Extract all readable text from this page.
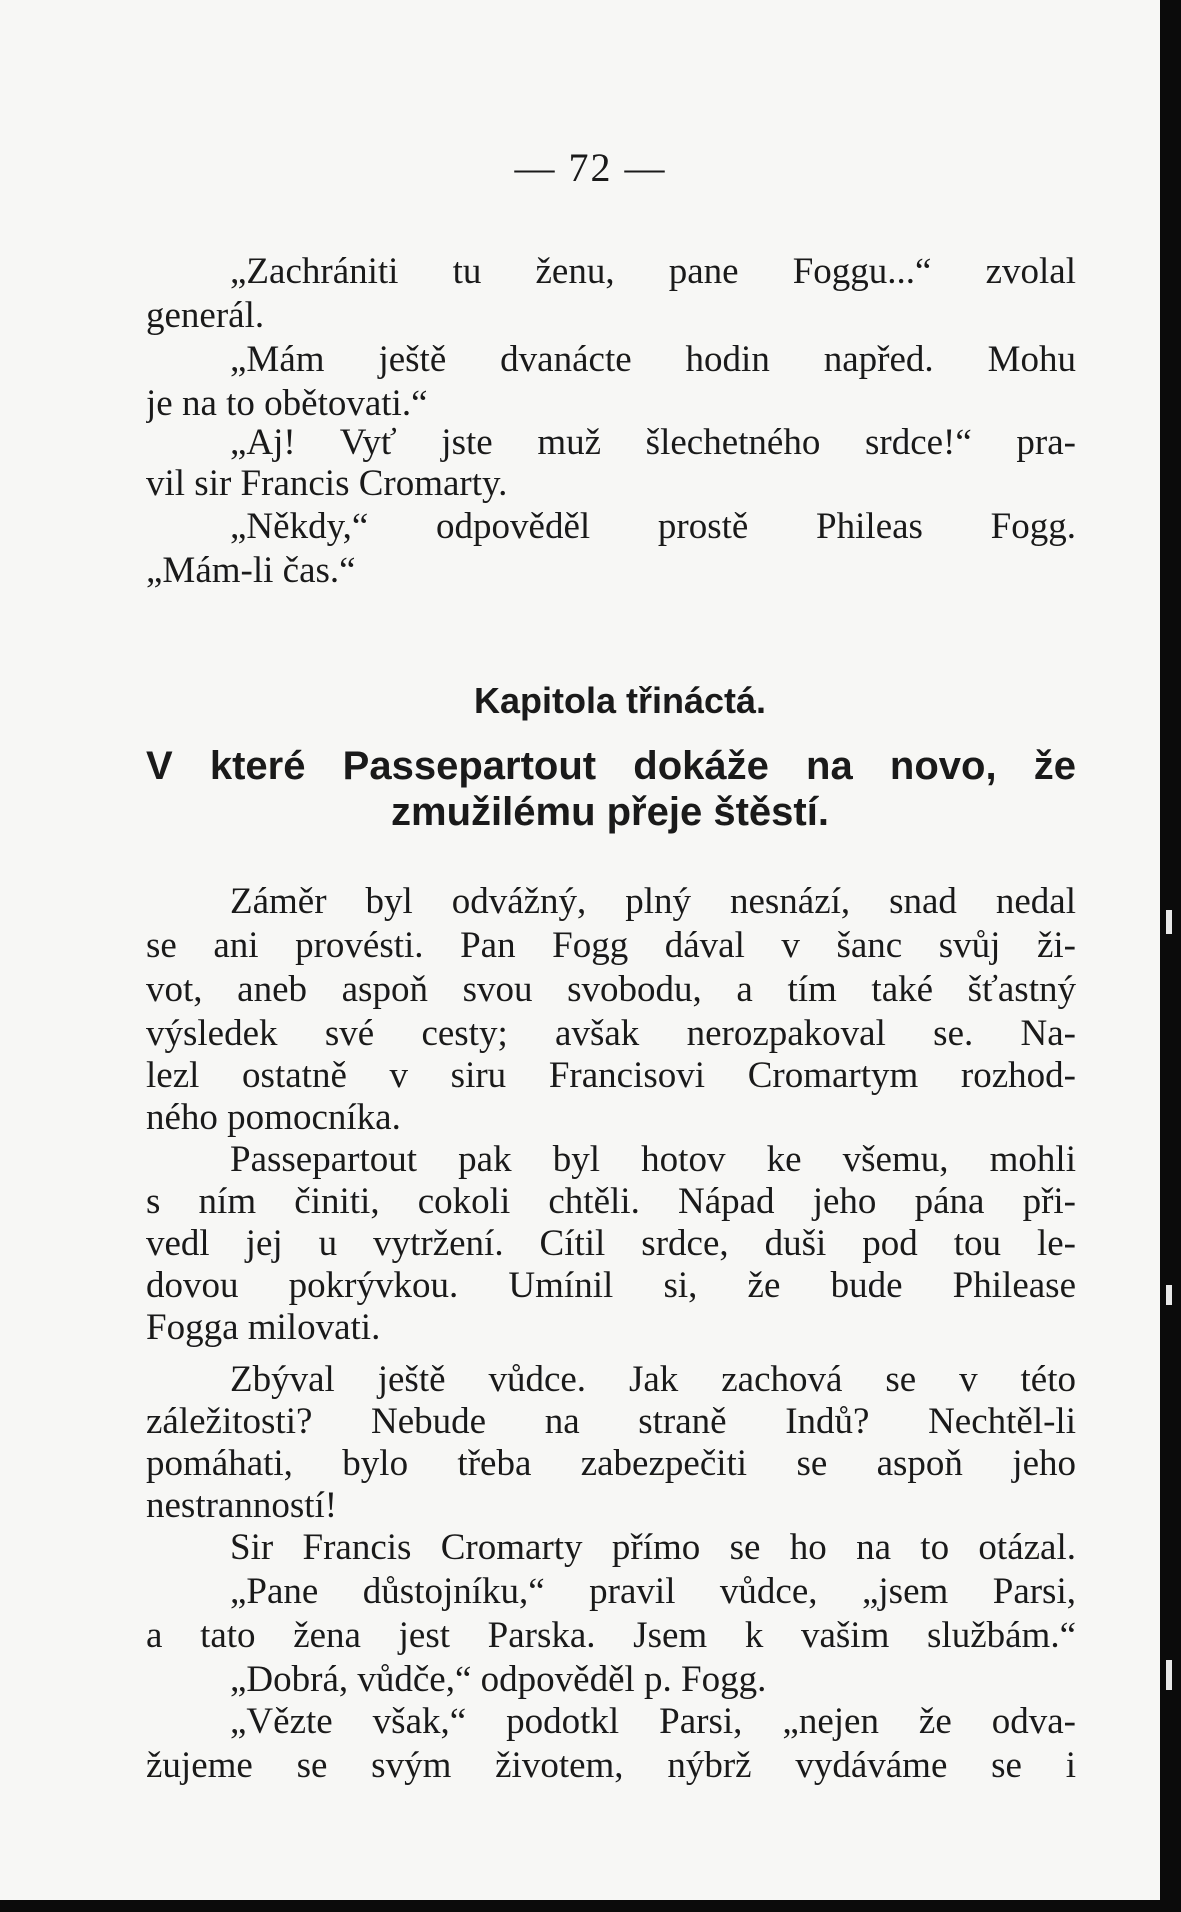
— 72 —
„Zachrániti tu ženu, pane Foggu...“ zvolal
generál.
„Mám ještě dvanácte hodin napřed. Mohu
je na to obětovati.“
„Aj! Vyť jste muž šlechetného srdce!“ pra-
vil sir Francis Cromarty.
„Někdy,“ odpověděl prostě Phileas Fogg.
„Mám-li čas.“
Kapitola třináctá.
V které Passepartout dokáže na novo, že
zmužilému přeje štěstí.
Záměr byl odvážný, plný nesnází, snad nedal
se ani provésti. Pan Fogg dával v šanc svůj ži-
vot, aneb aspoň svou svobodu, a tím také šťastný
výsledek své cesty; avšak nerozpakoval se. Na-
lezl ostatně v siru Francisovi Cromartym rozhod-
ného pomocníka.
Passepartout pak byl hotov ke všemu, mohli
s ním činiti, cokoli chtěli. Nápad jeho pána při-
vedl jej u vytržení. Cítil srdce, duši pod tou le-
dovou pokrývkou. Umínil si, že bude Philease
Fogga milovati.
Zbýval ještě vůdce. Jak zachová se v této
záležitosti? Nebude na straně Indů? Nechtěl-li
pomáhati, bylo třeba zabezpečiti se aspoň jeho
nestranností!
Sir Francis Cromarty přímo se ho na to otázal.
„Pane důstojníku,“ pravil vůdce, „jsem Parsi,
a tato žena jest Parska. Jsem k vašim službám.“
„Dobrá, vůdče,“ odpověděl p. Fogg.
„Vězte však,“ podotkl Parsi, „nejen že odva-
žujeme se svým životem, nýbrž vydáváme se i
